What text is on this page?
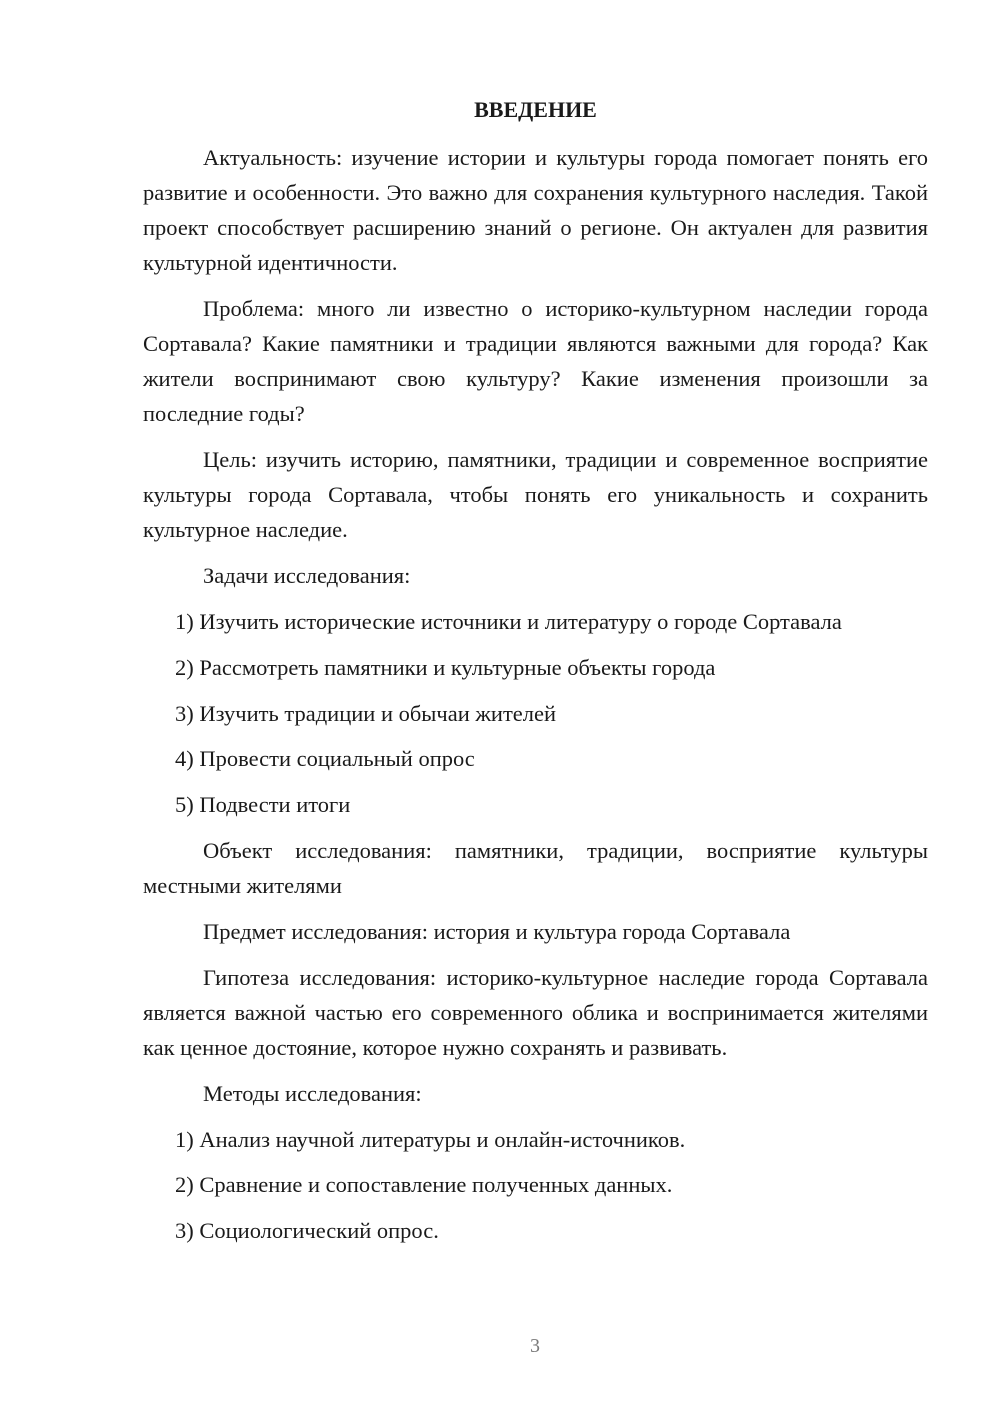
ВВЕДЕНИЕ

Актуальность: изучение истории и культуры города помогает понять его развитие и особенности. Это важно для сохранения культурного наследия. Такой проект способствует расширению знаний о регионе. Он актуален для развития культурной идентичности.

Проблема: много ли известно о историко-культурном наследии города Сортавала? Какие памятники и традиции являются важными для города? Как жители воспринимают свою культуру? Какие изменения произошли за последние годы?

Цель: изучить историю, памятники, традиции и современное восприятие культуры города Сортавала, чтобы понять его уникальность и сохранить культурное наследие.

Задачи исследования:

1) Изучить исторические источники и литературу о городе Сортавала
2) Рассмотреть памятники и культурные объекты города
3) Изучить традиции и обычаи жителей
4) Провести социальный опрос
5) Подвести итоги

Объект исследования: памятники, традиции, восприятие культуры местными жителями

Предмет исследования: история и культура города Сортавала

Гипотеза исследования: историко-культурное наследие города Сортавала является важной частью его современного облика и воспринимается жителями как ценное достояние, которое нужно сохранять и развивать.

Методы исследования:

1) Анализ научной литературы и онлайн-источников.
2) Сравнение и сопоставление полученных данных.
3) Социологический опрос.
3
